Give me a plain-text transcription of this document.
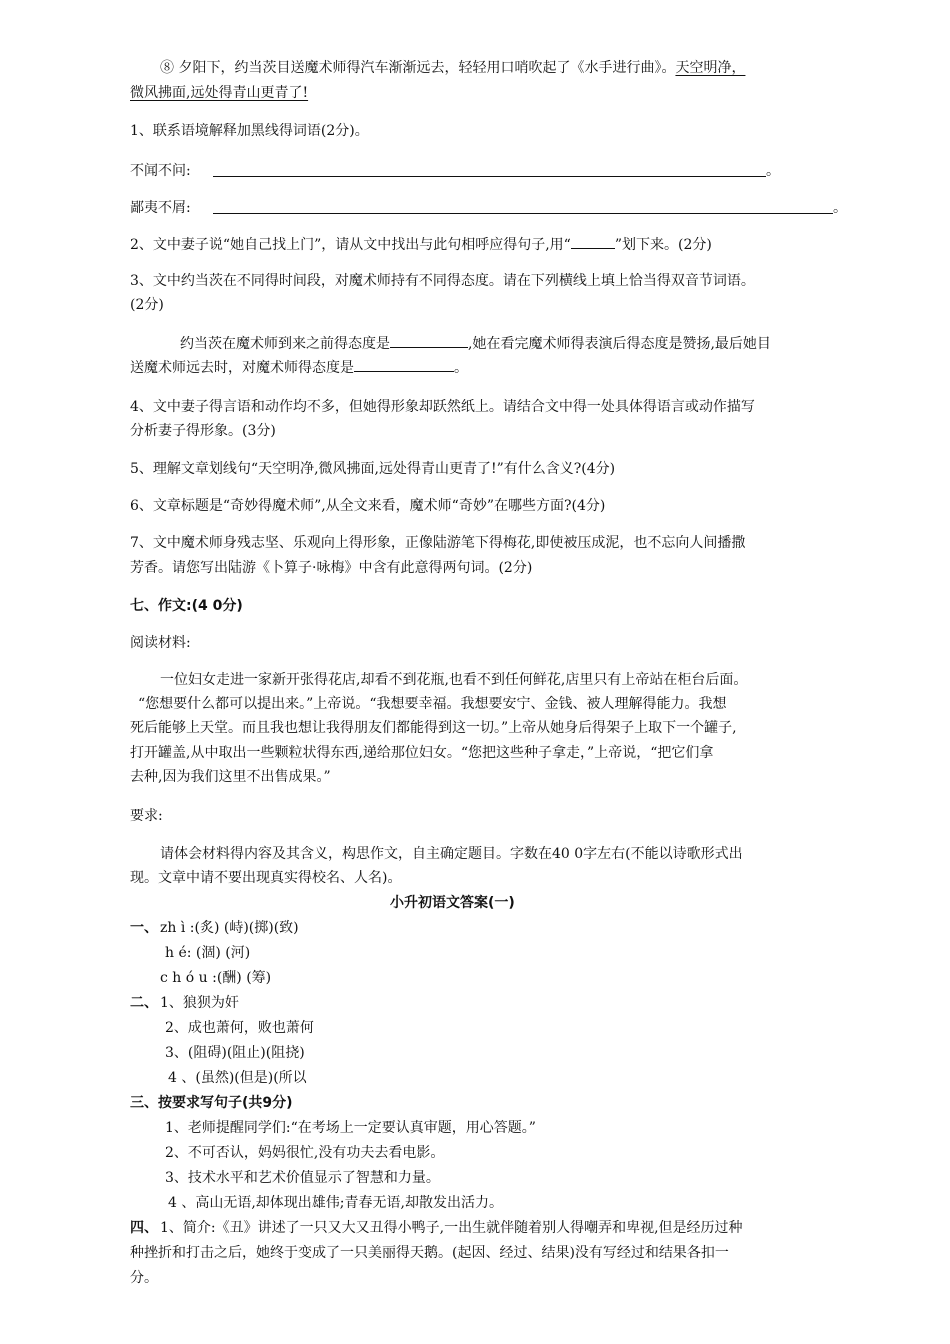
⑧ 夕阳下，约当茨目送魔术师得汽车渐渐远去，轻轻用口哨吹起了《水手进行曲》。天空明净，
微风拂面,远处得青山更青了!
1、联系语境解释加黑线得词语(2分)。
不闻不问:	。
鄙夷不屑:	。
2、文中妻子说“她自己找上门”，请从文中找出与此句相呼应得句子,用“	”划下来。(2分)
3、文中约当茨在不同得时间段，对魔术师持有不同得态度。请在下列横线上填上恰当得双音节词语。
(2分)
约当茨在魔术师到来之前得态度是	,她在看完魔术师得表演后得态度是赞扬,最后她目
送魔术师远去时，对魔术师得态度是	。
4、文中妻子得言语和动作均不多，但她得形象却跃然纸上。请结合文中得一处具体得语言或动作描写
分析妻子得形象。(3分)
5、理解文章划线句“天空明净,微风拂面,远处得青山更青了!”有什么含义?(4分)
6、文章标题是“奇妙得魔术师”,从全文来看，魔术师“奇妙”在哪些方面?(4分)
7、文中魔术师身残志坚、乐观向上得形象，正像陆游笔下得梅花,即使被压成泥，也不忘向人间播撒
芳香。请您写出陆游《卜算子·咏梅》中含有此意得两句词。(2分)
七、作文:(4 0分)
阅读材料:
一位妇女走进一家新开张得花店,却看不到花瓶,也看不到任何鲜花,店里只有上帝站在柜台后面。
“您想要什么都可以提出来。”上帝说。“我想要幸福。我想要安宁、金钱、被人理解得能力。我想
死后能够上天堂。而且我也想让我得朋友们都能得到这一切。”上帝从她身后得架子上取下一个罐子,
打开罐盖,从中取出一些颗粒状得东西,递给那位妇女。“您把这些种子拿走，”上帝说，“把它们拿
去种,因为我们这里不出售成果。”
要求:
请体会材料得内容及其含义，构思作文，自主确定题目。字数在40 0字左右(不能以诗歌形式出
现。文章中请不要出现真实得校名、人名)。
小升初语文答案(一)
一、 zh ì :(炙) (峙)(掷)(致)
h é: (涸) (河)
c h ó u :(酬) (筹)
二、 1、狼狈为奸
2、成也萧何，败也萧何
3、(阻碍)(阻止)(阻挠)
4 、(虽然)(但是)(所以
三、按要求写句子(共9分)
1、老师提醒同学们:“在考场上一定要认真审题，用心答题。”
2、不可否认，妈妈很忙,没有功夫去看电影。
3、技术水平和艺术价值显示了智慧和力量。
4 、高山无语,却体现出雄伟;青春无语,却散发出活力。
四、 1、简介:《丑》讲述了一只又大又丑得小鸭子,一出生就伴随着别人得嘲弄和卑视,但是经历过种
种挫折和打击之后，她终于变成了一只美丽得天鹅。(起因、经过、结果)没有写经过和结果各扣一
分。
